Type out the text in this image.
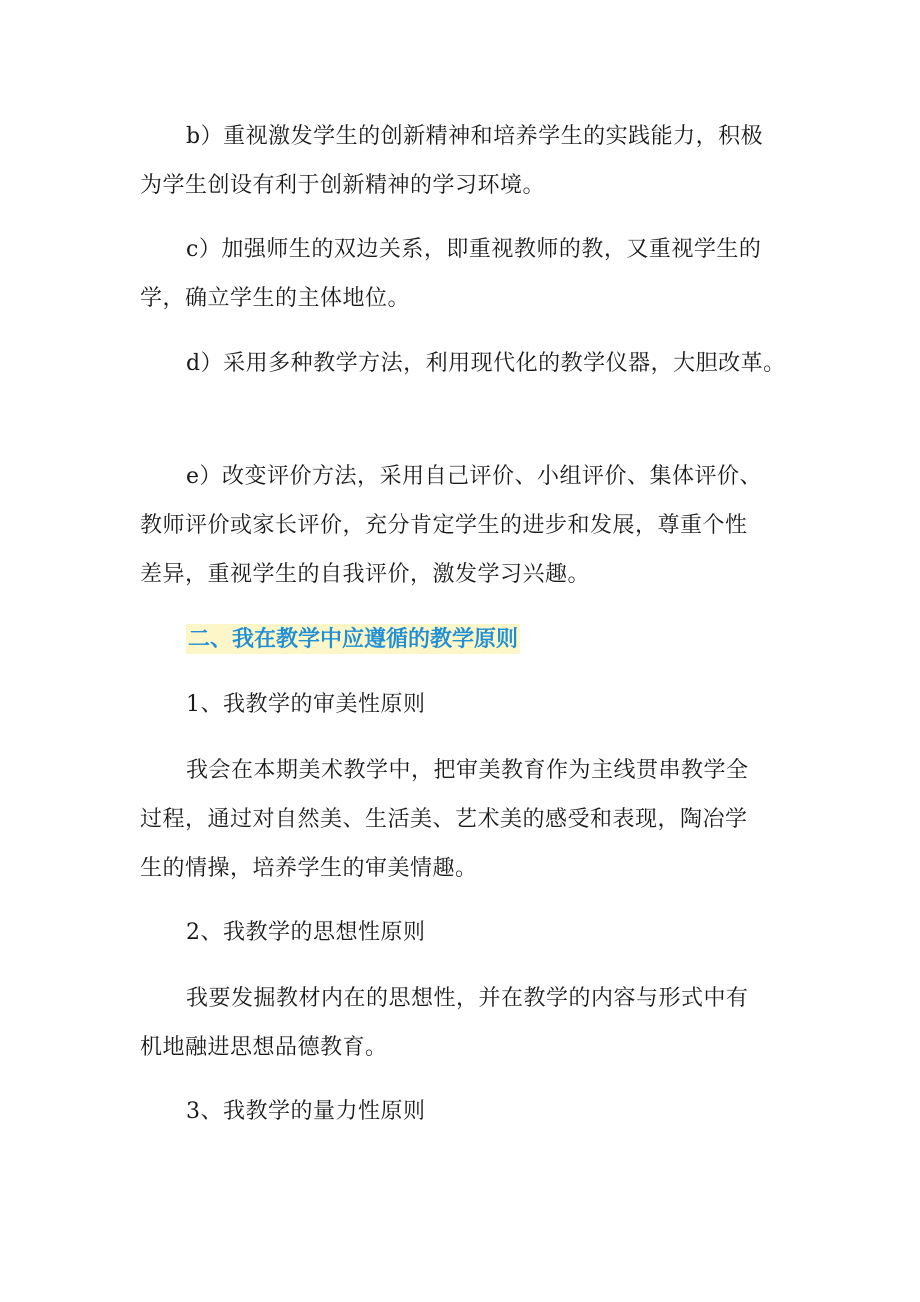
b）重视激发学生的创新精神和培养学生的实践能力，积极
为学生创设有利于创新精神的学习环境。
c）加强师生的双边关系，即重视教师的教，又重视学生的
学，确立学生的主体地位。
d）采用多种教学方法，利用现代化的教学仪器，大胆改革。
e）改变评价方法，采用自己评价、小组评价、集体评价、
教师评价或家长评价，充分肯定学生的进步和发展，尊重个性
差异，重视学生的自我评价，激发学习兴趣。
二、我在教学中应遵循的教学原则
1、我教学的审美性原则
我会在本期美术教学中，把审美教育作为主线贯串教学全
过程，通过对自然美、生活美、艺术美的感受和表现，陶冶学
生的情操，培养学生的审美情趣。
2、我教学的思想性原则
我要发掘教材内在的思想性，并在教学的内容与形式中有
机地融进思想品德教育。
3、我教学的量力性原则
